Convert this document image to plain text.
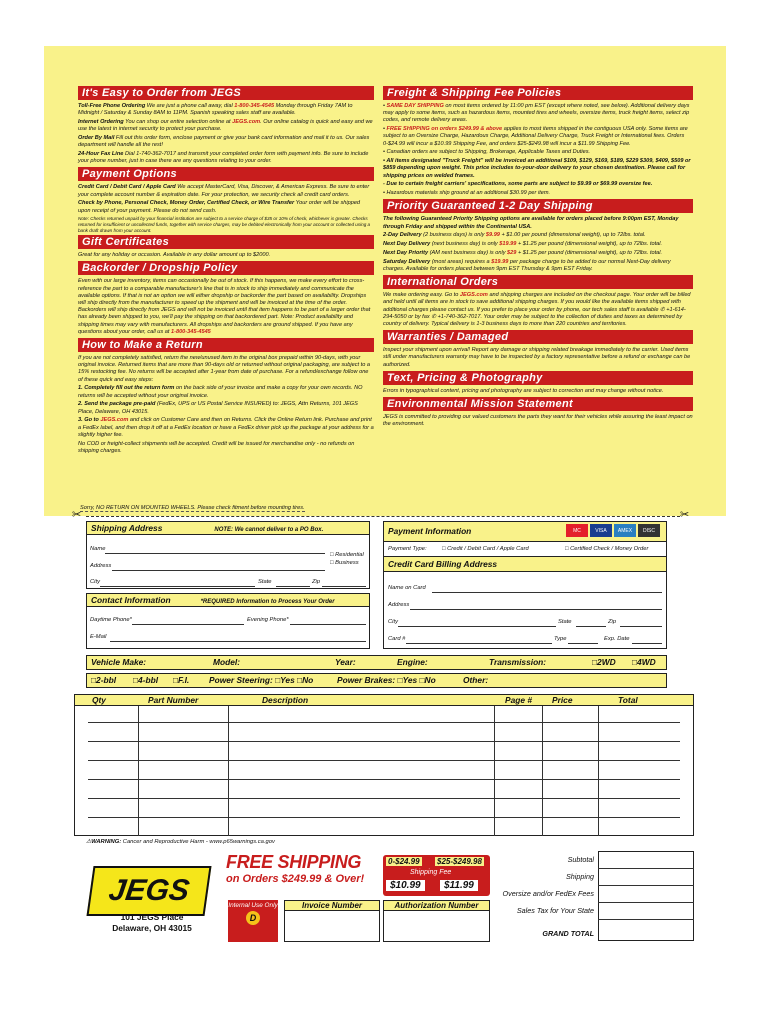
It's Easy to Order from JEGS

Toll-Free Phone Ordering We are just a phone call away, dial 1-800-345-4545 Monday through Friday 7AM to Midnight / Saturday & Sunday 8AM to 11PM. Spanish speaking sales staff are available.

Internet Ordering You can shop our entire selection online at JEGS.com. Our online catalog is quick and easy and we use the latest in internet security to protect your purchase.

Order By Mail Fill out this order form, enclose payment or give your bank card information and mail it to us. Our sales department will handle all the rest!

24-Hour Fax Line Dial 1-740-362-7017 and transmit your completed order form with payment info. Be sure to include your phone number, just in case there are any questions relating to your order.

Payment Options

Credit Card / Debit Card / Apple Card We accept MasterCard, Visa, Discover, & American Express. Be sure to enter your complete account number & expiration date. For your protection, we security check all credit card orders.

Check by Phone, Personal Check, Money Order, Certified Check, or Wire Transfer Your order will be shipped upon receipt of your payment. Please do not send cash.

Note: Checks returned unpaid by your financial institution are subject to a service charge of $35 or 10% of check, whichever is greater. Checks returned for insufficient or uncollected funds, together with service charges, may be debited electronically from your account or collected using a bank draft drawn from your account.

Gift Certificates

Great for any holiday or occasion. Available in any dollar amount up to $2000.

Backorder / Dropship Policy

Even with our large inventory, items can occasionally be out of stock. If this happens, we make every effort to cross-reference the part to a comparable manufacturer's line that is in stock to ship immediately and communicate the available options. If that is not an option we will either dropship or backorder the part based on availability. Dropships will ship directly from the manufacturer to speed up the shipment and will be invoiced at the time of the order. Backorders will ship directly from JEGS and will not be invoiced until that item happens to be part of a larger order that has already been shipped to you, we'll pay the shipping on that backordered part. Note: Product availability and shipping times may vary with manufacturers. All dropships and backorders are ground shipped. If you have any questions about your order, call us at 1-800-345-4545

How to Make a Return

If you are not completely satisfied, return the new/unused item in the original box prepaid within 90-days, with your original invoice. Returned items that are more than 90-days old or returned without original packaging, are subject to a 15% restocking fee. No returns will be accepted after 1-year from date of purchase. For a refund/exchange follow one of these quick and easy steps:

1. Completely fill out the return form on the back side of your invoice and make a copy for your own records. NO returns will be accepted without your original invoice.

2. Send the package pre-paid (FedEx, UPS or US Postal Service INSURED) to: JEGS, Attn Returns, 101 JEGS Place, Delaware, OH 43015.

3. Go to JEGS.com and click on Customer Care and then on Returns. Click the Online Return link. Purchase and print a FedEx label, and then drop it off at a FedEx location or have a FedEx driver pick up the package at your address for a slightly higher fee.

No COD or freight-collect shipments will be accepted. Credit will be issued for merchandise only - no refunds on shipping charges.

Sorry, NO RETURN ON MOUNTED WHEELS. Please check fitment before mounting tires.
Freight & Shipping Fee Policies

• SAME DAY SHIPPING on most items ordered by 11:00 pm EST (except where noted, see below). Additional delivery days may apply to some items, such as hazardous items, mounted tires and wheels, oversize items, truck freight items, select zip codes, and remote delivery areas.

• FREE SHIPPING on orders $249.99 & above applies to most items shipped in the contiguous USA only. Some items are subject to an Oversize Charge, Hazardous Charge, Additional Delivery Charge, Truck Freight or International fees. Orders 0-$24.99 will incur a $10.99 Shipping Fee, and orders $25-$249.98 will incur a $11.99 Shipping Fee.

• Canadian orders are subject to Shipping, Brokerage, Applicable Taxes and Duties.

• All items designated "Truck Freight" will be invoiced an additional $109, $129, $169, $189, $229 $309, $409, $509 or $859 depending upon weight. This price includes to-your-door delivery to your chosen destination. Please call for shipping prices on welded frames.

- Due to certain freight carriers' specifications, some parts are subject to $9.99 or $69.99 oversize fee.

• Hazardous materials ship ground at an additional $30.99 per item.

Priority Guaranteed 1-2 Day Shipping

The following Guaranteed Priority Shipping options are available for orders placed before 9:00pm EST, Monday through Friday and shipped within the Continental USA.

2-Day Delivery (2 business days) is only $9.99 + $1.00 per pound (dimensional weight), up to 72lbs. total.

Next Day Delivery (next business day) is only $19.99 + $1.25 per pound (dimensional weight), up to 72lbs. total.

Next Day Priority (AM next business day) is only $29 + $1.25 per pound (dimensional weight), up to 72lbs. total.

Saturday Delivery (most areas) requires a $19.99 per package charge to be added to our normal Next-Day delivery charges. Available for orders placed between 9pm EST Thursday & 9pm EST Friday.

International Orders

We make ordering easy. Go to JEGS.com and shipping charges are included on the checkout page. Your order will be billed and held until all items are in stock to save additional shipping charges. If you would like the available items shipped with additional charges please contact us. If you prefer to place your order by phone, our tech sales staff is available ✆ +1-614-294-5050 or by fax ✆ +1-740-362-7017. Your order may be subject to the collection of duties and taxes as determined by country of delivery. Typical delivery is 1-3 business days to more than 220 countries and territories.

Warranties / Damaged

Inspect your shipment upon arrival! Report any damage or shipping related breakage immediately to the carrier. Used items still under manufacturers warranty may have to be inspected by a factory representative before a refund or exchange can be authorized.

Text, Pricing & Photography

Errors in typographical content, pricing and photography are subject to correction and may change without notice.

Environmental Mission Statement

JEGS is committed to providing our valued customers the parts they want for their vehicles while assuring the least impact on the environment.

✂	✂
Shipping Address	NOTE: We cannot deliver to a PO Box.
Name
□ Residential
□ Business
Address
City	State	Zip
Contact Information	*REQUIRED Information to Process Your Order
Daytime Phone*	Evening Phone*
E-Mail
Payment Information	MC	VISA	AMEX	DISC
Payment Type:	□ Credit / Debit Card / Apple Card	□ Certified Check / Money Order
Credit Card Billing Address
Name on Card
Address
City	State	Zip
Card #	Type	Exp. Date
Vehicle Make:	Model:	Year:	Engine:	Transmission:	□2WD □4WD
□2-bbl □4-bbl □F.I. Power Steering: □Yes □No	Power Brakes: □Yes □No	Other:
Qty	Part Number	Description	Page # Price	Total
⚠WARNING: Cancer and Reproductive Harm - www.p65warnings.ca.gov
JEGS
101 JEGS Place
Delaware, OH 43015
FREE SHIPPING
on Orders $249.99 & Over!
0-$24.99 $25-$249.98
Shipping Fee
$10.99	$11.99
Internal Use Only
D
Invoice Number	Authorization Number
Subtotal
Shipping
Oversize and/or FedEx Fees
Sales Tax for Your State
GRAND TOTAL
